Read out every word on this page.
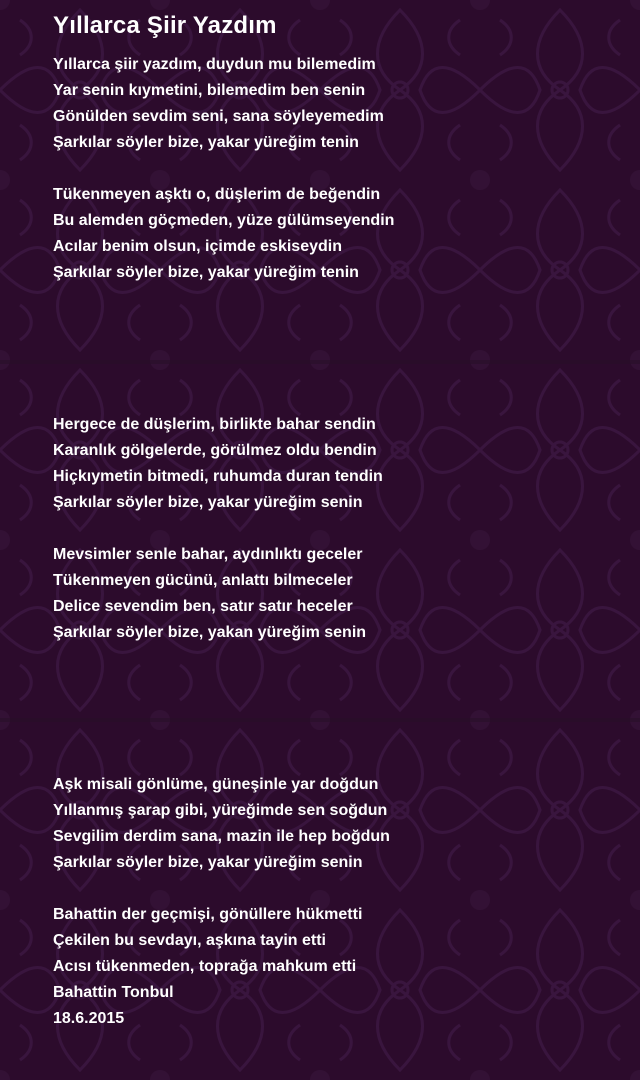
Yıllarca Şiir Yazdım
Yıllarca şiir yazdım, duydun mu bilemedim
Yar senin kıymetini, bilemedim ben senin
Gönülden sevdim seni, sana söyleyemedim
Şarkılar söyler bize, yakar yüreğim tenin
Tükenmeyen aşktı o, düşlerim de beğendin
Bu alemden göçmeden, yüze gülümseyendin
Acılar benim olsun, içimde eskiseydin
Şarkılar söyler bize, yakar yüreğim tenin
Hergece de düşlerim, birlikte bahar sendin
Karanlık gölgelerde, görülmez oldu bendin
Hiçkıymetin bitmedi, ruhumda duran tendin
Şarkılar söyler bize, yakar yüreğim senin
Mevsimler senle bahar, aydınlıktı geceler
Tükenmeyen gücünü, anlattı bilmeceler
Delice sevendim ben, satır satır heceler
Şarkılar söyler bize, yakan yüreğim senin
Aşk misali gönlüme, güneşinle yar doğdun
Yıllanmış şarap gibi, yüreğimde sen soğdun
Sevgilim derdim sana, mazin ile hep boğdun
Şarkılar söyler bize, yakar yüreğim senin
Bahattin der geçmişi, gönüllere hükmetti
Çekilen bu sevdayı, aşkına tayin etti
Acısı tükenmeden, toprağa mahkum etti
Bahattin Tonbul
18.6.2015
